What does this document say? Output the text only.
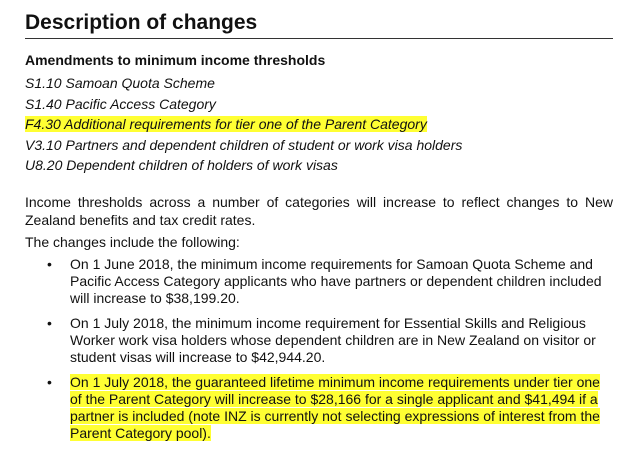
Description of changes
Amendments to minimum income thresholds
S1.10 Samoan Quota Scheme
S1.40 Pacific Access Category
F4.30 Additional requirements for tier one of the Parent Category
V3.10 Partners and dependent children of student or work visa holders
U8.20 Dependent children of holders of work visas

Income thresholds across a number of categories will increase to reflect changes to New Zealand benefits and tax credit rates.

The changes include the following:

• On 1 June 2018, the minimum income requirements for Samoan Quota Scheme and Pacific Access Category applicants who have partners or dependent children included will increase to $38,199.20.
• On 1 July 2018, the minimum income requirement for Essential Skills and Religious Worker work visa holders whose dependent children are in New Zealand on visitor or student visas will increase to $42,944.20.
• On 1 July 2018, the guaranteed lifetime minimum income requirements under tier one of the Parent Category will increase to $28,166 for a single applicant and $41,494 if a partner is included (note INZ is currently not selecting expressions of interest from the Parent Category pool).
